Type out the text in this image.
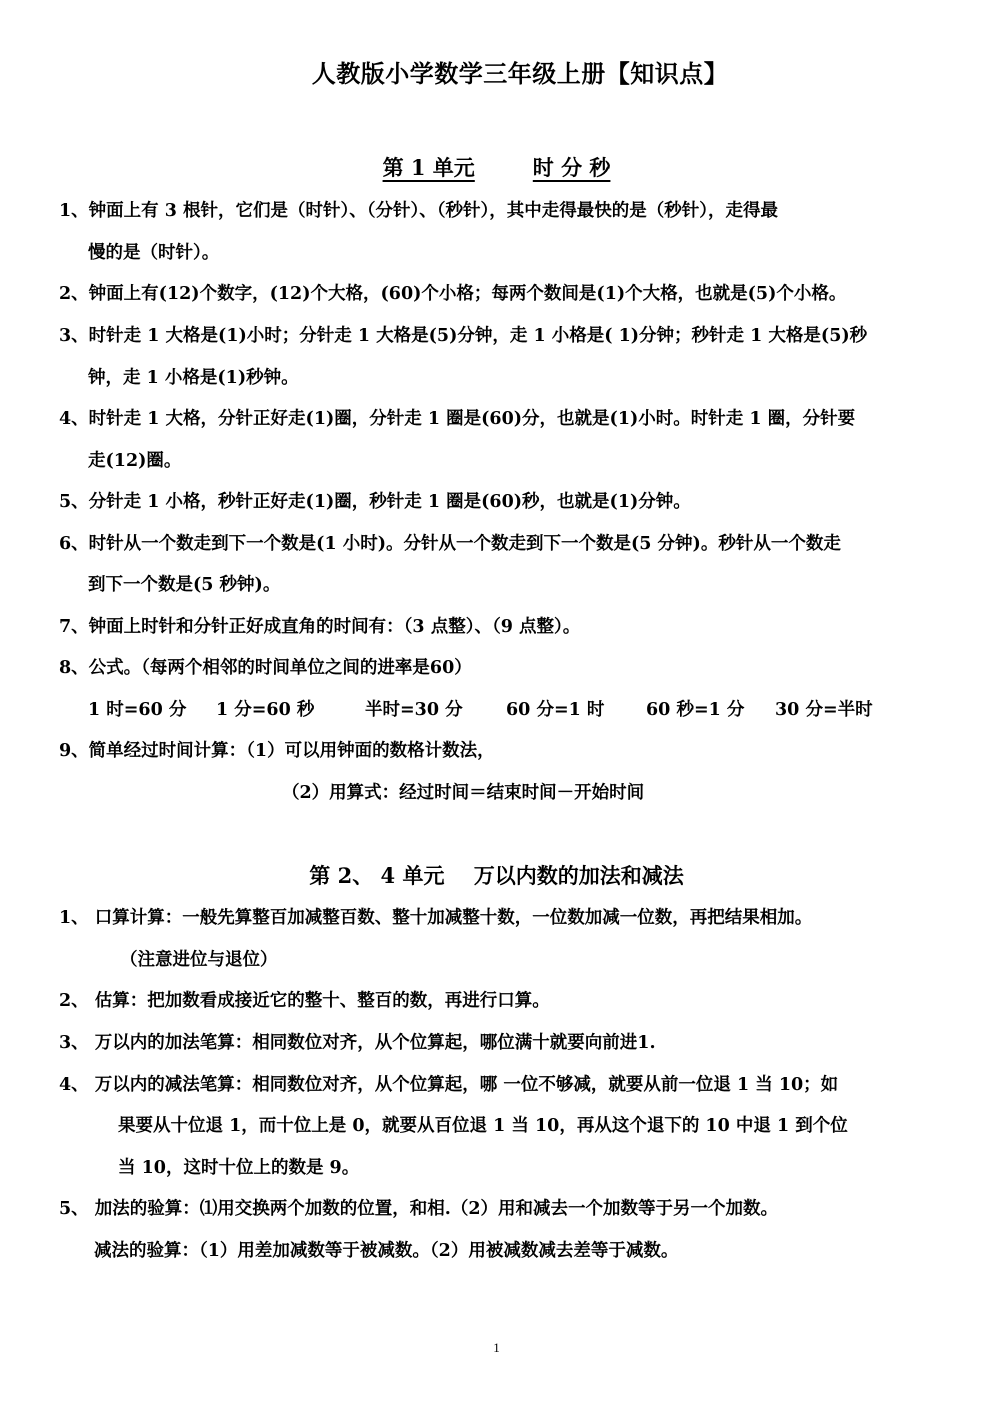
人教版小学数学三年级上册【知识点】
第 1 单元	时 分 秒
1、钟面上有 3 根针，它们是（时针）、（分针）、（秒针），其中走得最快的是（秒针），走得最
慢的是（时针）。
2、钟面上有(12)个数字，(12)个大格，(60)个小格；每两个数间是(1)个大格，也就是(5)个小格。
3、时针走 1 大格是(1)小时；分针走 1 大格是(5)分钟，走 1 小格是( 1)分钟；秒针走 1 大格是(5)秒
钟，走 1 小格是(1)秒钟。
4、时针走 1 大格，分针正好走(1)圈，分针走 1 圈是(60)分，也就是(1)小时。时针走 1 圈，分针要
走(12)圈。
5、分针走 1 小格，秒针正好走(1)圈，秒针走 1 圈是(60)秒，也就是(1)分钟。
6、时针从一个数走到下一个数是(1 小时)。分针从一个数走到下一个数是(5 分钟)。秒针从一个数走
到下一个数是(5 秒钟)。
7、钟面上时针和分针正好成直角的时间有：（3 点整）、（9 点整）。
8、公式。（每两个相邻的时间单位之间的进率是60）
1 时=60 分 1 分=60 秒	半时=30 分 60 分=1 时 60 秒=1 分 30 分=半时
9、简单经过时间计算：（1）可以用钟面的数格计数法，
（2）用算式：经过时间＝结束时间－开始时间
第 2、 4 单元    万以内数的加法和减法
1、 口算计算：一般先算整百加减整百数、整十加减整十数，一位数加减一位数，再把结果相加。
（注意进位与退位）
2、 估算：把加数看成接近它的整十、整百的数，再进行口算。
3、 万以内的加法笔算：相同数位对齐，从个位算起，哪位满十就要向前进1.
4、 万以内的减法笔算：相同数位对齐，从个位算起，哪 一位不够减，就要从前一位退 1 当 10；如
果要从十位退 1，而十位上是 0，就要从百位退 1 当 10，再从这个退下的 10 中退 1 到个位
当 10，这时十位上的数是 9。
5、 加法的验算：⑴用交换两个加数的位置，和相.（2）用和减去一个加数等于另一个加数。
减法的验算：（1）用差加减数等于被减数。（2）用被减数减去差等于减数。
1
